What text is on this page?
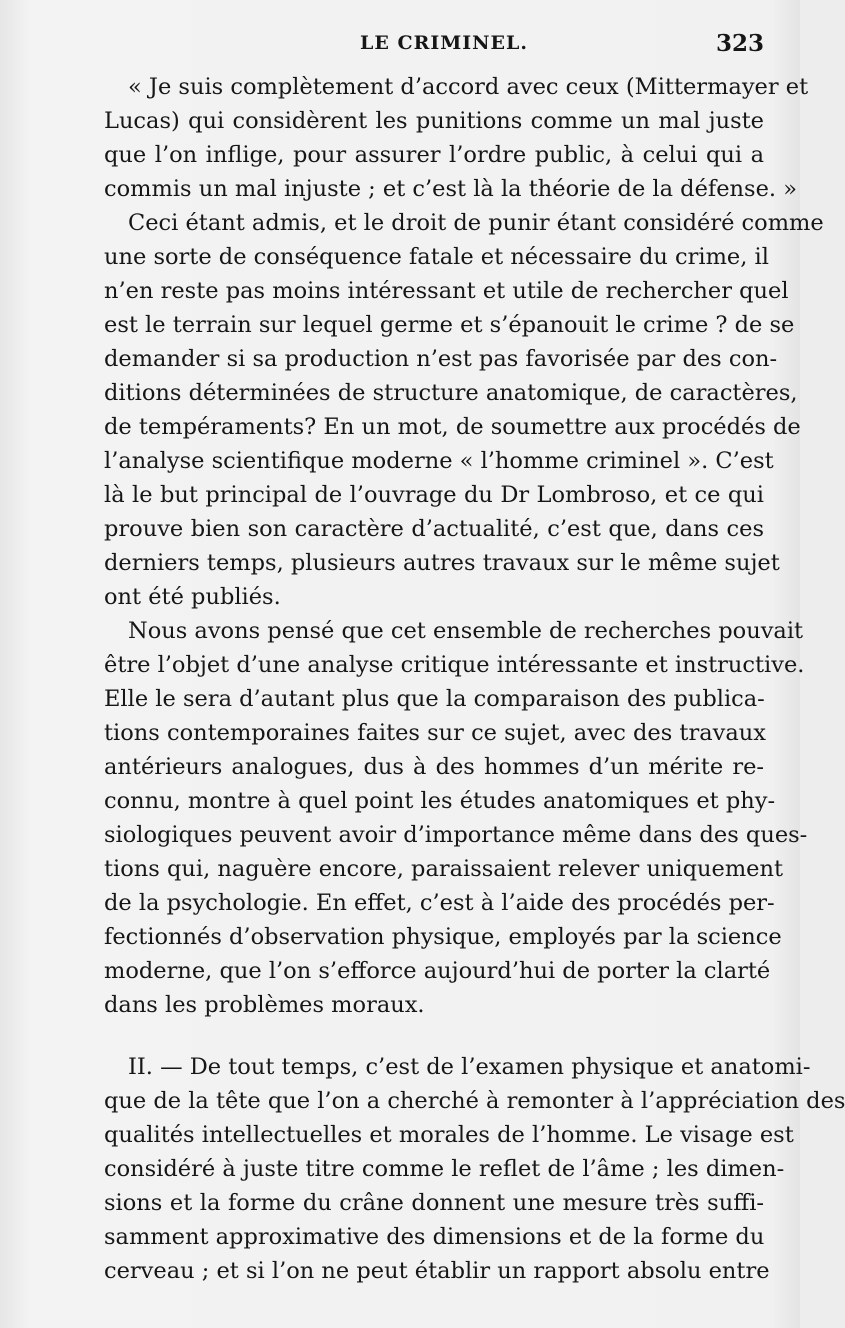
LE CRIMINEL.	323
« Je suis complètement d’accord avec ceux (Mittermayer et
Lucas) qui considèrent les punitions comme un mal juste
que l’on inflige, pour assurer l’ordre public, à celui qui a
commis un mal injuste ; et c’est là la théorie de la défense. »
Ceci étant admis, et le droit de punir étant considéré comme
une sorte de conséquence fatale et nécessaire du crime, il
n’en reste pas moins intéressant et utile de rechercher quel
est le terrain sur lequel germe et s’épanouit le crime ? de se
demander si sa production n’est pas favorisée par des con-
ditions déterminées de structure anatomique, de caractères,
de tempéraments? En un mot, de soumettre aux procédés de
l’analyse scientifique moderne « l’homme criminel ». C’est
là le but principal de l’ouvrage du Dr Lombroso, et ce qui
prouve bien son caractère d’actualité, c’est que, dans ces
derniers temps, plusieurs autres travaux sur le même sujet
ont été publiés.
Nous avons pensé que cet ensemble de recherches pouvait
être l’objet d’une analyse critique intéressante et instructive.
Elle le sera d’autant plus que la comparaison des publica-
tions contemporaines faites sur ce sujet, avec des travaux
antérieurs analogues, dus à des hommes d’un mérite re-
connu, montre à quel point les études anatomiques et phy-
siologiques peuvent avoir d’importance même dans des ques-
tions qui, naguère encore, paraissaient relever uniquement
de la psychologie. En effet, c’est à l’aide des procédés per-
fectionnés d’observation physique, employés par la science
moderne, que l’on s’efforce aujourd’hui de porter la clarté
dans les problèmes moraux.
II. — De tout temps, c’est de l’examen physique et anatomi-
que de la tête que l’on a cherché à remonter à l’appréciation des
qualités intellectuelles et morales de l’homme. Le visage est
considéré à juste titre comme le reflet de l’âme ; les dimen-
sions et la forme du crâne donnent une mesure très suffi-
samment approximative des dimensions et de la forme du
cerveau ; et si l’on ne peut établir un rapport absolu entre
